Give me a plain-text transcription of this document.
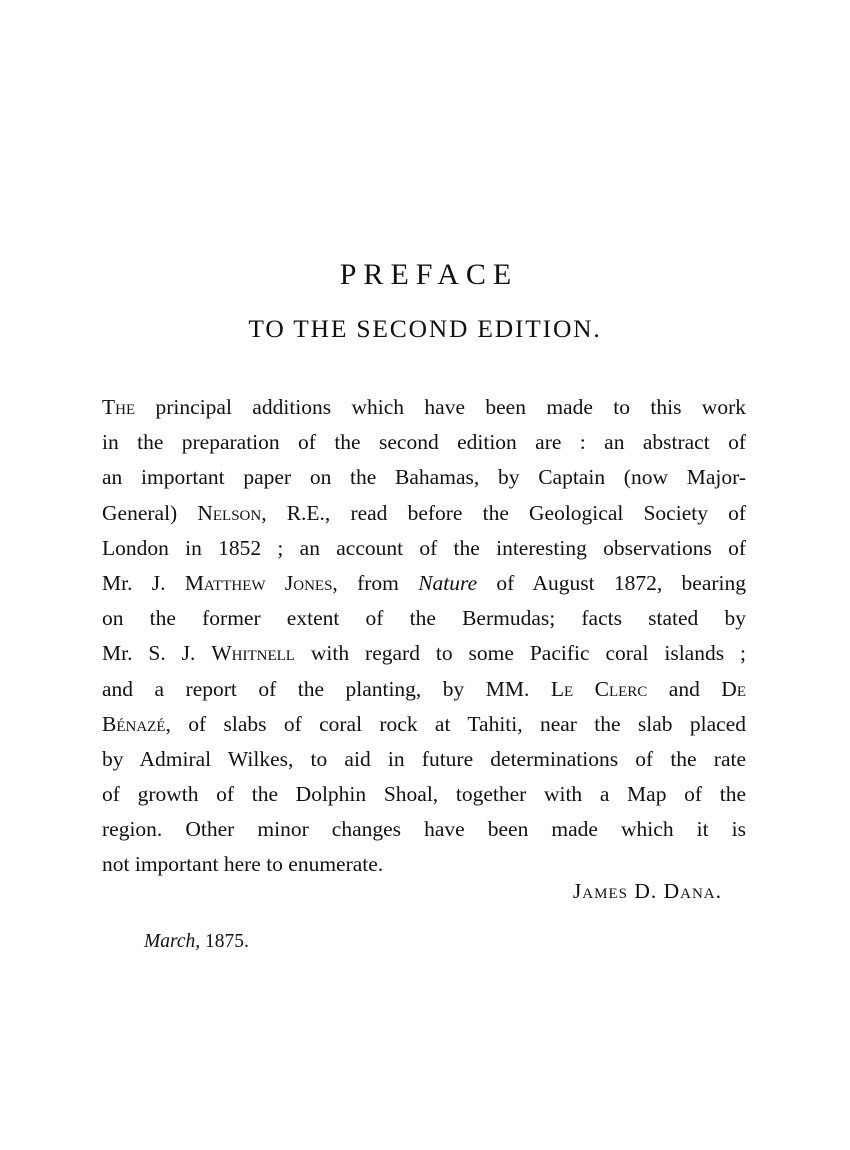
PREFACE
TO THE SECOND EDITION.
The principal additions which have been made to this work
in the preparation of the second edition are : an abstract of
an important paper on the Bahamas, by Captain (now Major-
General) Nelson, R.E., read before the Geological Society of
London in 1852 ; an account of the interesting observations of
Mr. J. Matthew Jones, from Nature of August 1872, bearing
on the former extent of the Bermudas; facts stated by
Mr. S. J. Whitnell with regard to some Pacific coral islands ;
and a report of the planting, by MM. Le Clerc and De
Bénazé, of slabs of coral rock at Tahiti, near the slab placed
by Admiral Wilkes, to aid in future determinations of the rate
of growth of the Dolphin Shoal, together with a Map of the
region. Other minor changes have been made which it is
not important here to enumerate.

James D. Dana.

March, 1875.
